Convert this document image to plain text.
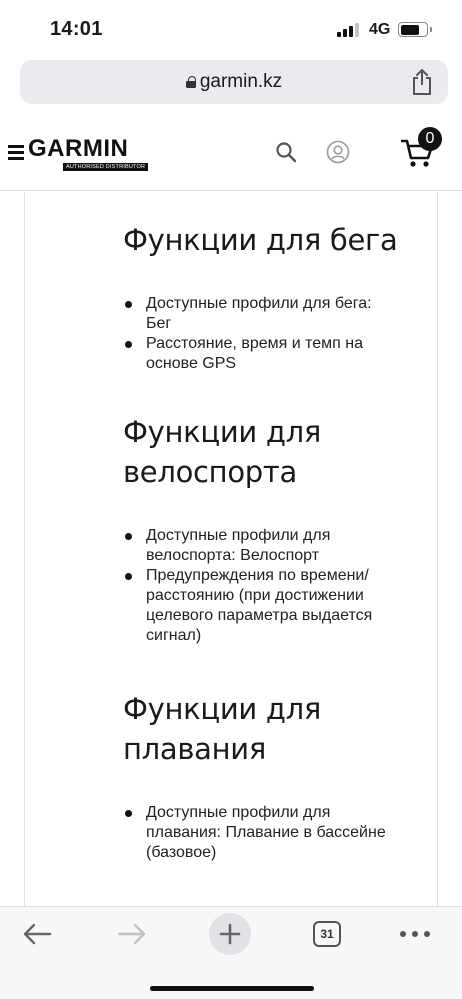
14:01	4G
garmin.kz
GARMIN
AUTHORISED DISTRIBUTOR
0
Функции для бега
Доступные профили для бега:
Бег
Расстояние, время и темп на
основе GPS
Функции для
велоспорта
Доступные профили для
велоспорта: Велоспорт
Предупреждения по времени/
расстоянию (при достижении
целевого параметра выдается
сигнал)
Функции для
плавания
Доступные профили для
плавания: Плавание в бассейне
(базовое)
31
